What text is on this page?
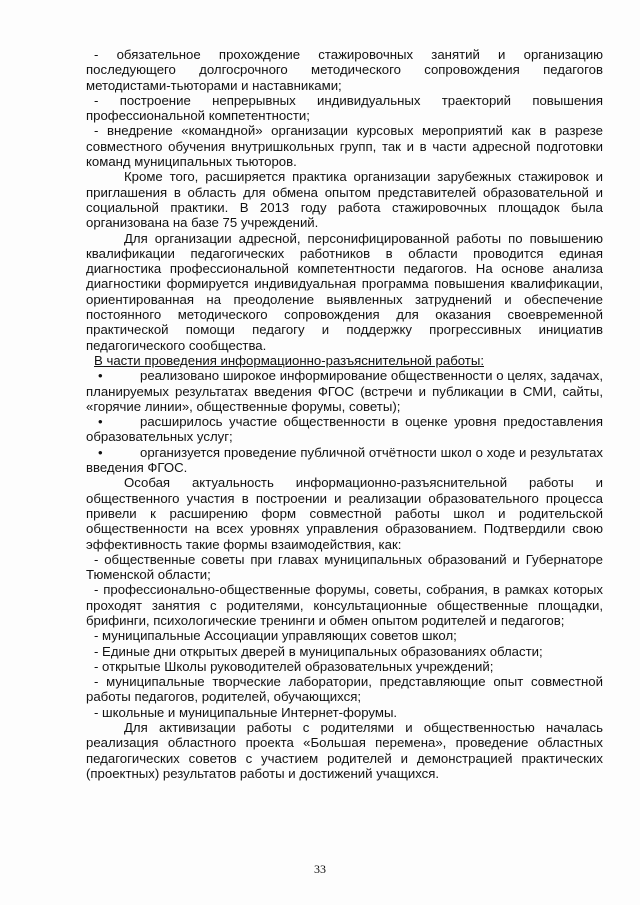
- обязательное прохождение стажировочных занятий и организацию последующего долгосрочного методического сопровождения педагогов методистами-тьюторами и наставниками;

- построение непрерывных индивидуальных траекторий повышения профессиональной компетентности;

- внедрение «командной» организации курсовых мероприятий как в разрезе совместного обучения внутришкольных групп, так и в части адресной подготовки команд муниципальных тьюторов.

Кроме того, расширяется практика организации зарубежных стажировок и приглашения в область для обмена опытом представителей образовательной и социальной практики. В 2013 году работа стажировочных площадок была организована на базе 75 учреждений.

Для организации адресной, персонифицированной работы по повышению квалификации педагогических работников в области проводится единая диагностика профессиональной компетентности педагогов. На основе анализа диагностики формируется индивидуальная программа повышения квалификации, ориентированная на преодоление выявленных затруднений и обеспечение постоянного методического сопровождения для оказания своевременной практической помощи педагогу и поддержку прогрессивных инициатив педагогического сообщества.

В части проведения информационно-разъяснительной работы:

•	реализовано широкое информирование общественности о целях, задачах, планируемых результатах введения ФГОС (встречи и публикации в СМИ, сайты, «горячие линии», общественные форумы, советы);

•	расширилось участие общественности в оценке уровня предоставления образовательных услуг;

•	организуется проведение публичной отчётности школ о ходе и результатах введения ФГОС.

Особая актуальность информационно-разъяснительной работы и общественного участия в построении и реализации образовательного процесса привели к расширению форм совместной работы школ и родительской общественности на всех уровнях управления образованием. Подтвердили свою эффективность такие формы взаимодействия, как:

- общественные советы при главах муниципальных образований и Губернаторе Тюменской области;

- профессионально-общественные форумы, советы, собрания, в рамках которых проходят занятия с родителями, консультационные общественные площадки, брифинги, психологические тренинги и обмен опытом родителей и педагогов;

- муниципальные Ассоциации управляющих советов школ;

- Единые дни открытых дверей в муниципальных образованиях области;

- открытые Школы руководителей образовательных учреждений;

- муниципальные творческие лаборатории, представляющие опыт совместной работы педагогов, родителей, обучающихся;

- школьные и муниципальные Интернет-форумы.

Для активизации работы с родителями и общественностью началась реализация областного проекта «Большая перемена», проведение областных педагогических советов с участием родителей и демонстрацией практических (проектных) результатов работы и достижений учащихся.

33
